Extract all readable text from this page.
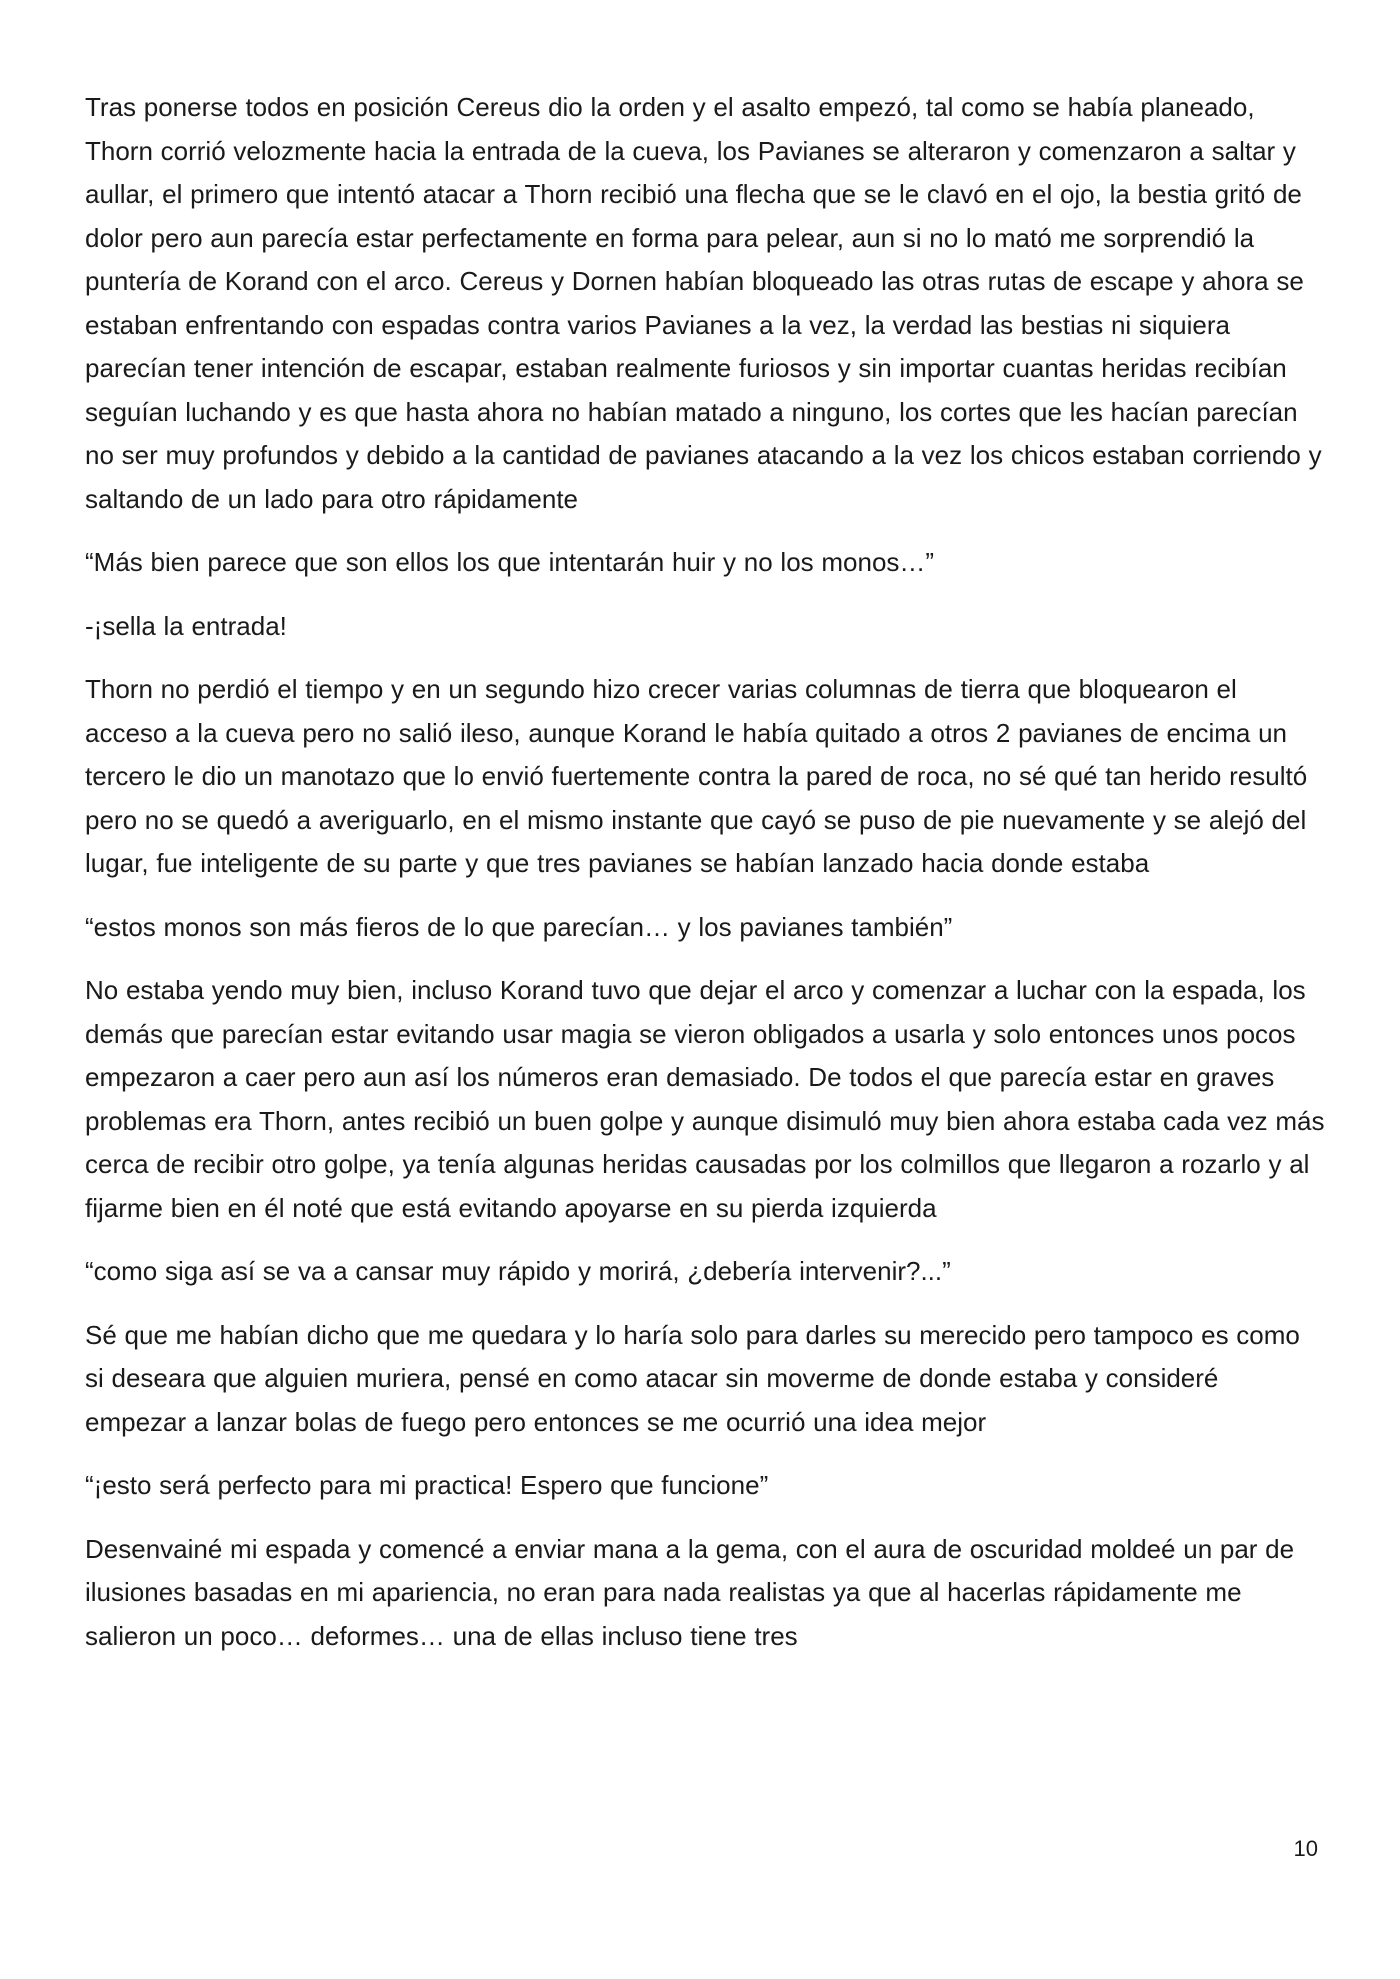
Tras ponerse todos en posición Cereus dio la orden y el asalto empezó, tal como se había planeado, Thorn corrió velozmente hacia la entrada de la cueva, los Pavianes se alteraron y comenzaron a saltar y aullar, el primero que intentó atacar a Thorn recibió una flecha que se le clavó en el ojo, la bestia gritó de dolor pero aun parecía estar perfectamente en forma para pelear, aun si no lo mató me sorprendió la puntería de Korand con el arco. Cereus y Dornen habían bloqueado las otras rutas de escape y ahora se estaban enfrentando con espadas contra varios Pavianes a la vez, la verdad las bestias ni siquiera parecían tener intención de escapar, estaban realmente furiosos y sin importar cuantas heridas recibían seguían luchando y es que hasta ahora no habían matado a ninguno, los cortes que les hacían parecían no ser muy profundos y debido a la cantidad de pavianes atacando a la vez los chicos estaban corriendo y saltando de un lado para otro rápidamente

“Más bien parece que son ellos los que intentarán huir y no los monos…”

-¡sella la entrada!

Thorn no perdió el tiempo y en un segundo hizo crecer varias columnas de tierra que bloquearon el acceso a la cueva pero no salió ileso, aunque Korand le había quitado a otros 2 pavianes de encima un tercero le dio un manotazo que lo envió fuertemente contra la pared de roca, no sé qué tan herido resultó pero no se quedó a averiguarlo, en el mismo instante que cayó se puso de pie nuevamente y se alejó del lugar, fue inteligente de su parte y que tres pavianes se habían lanzado hacia donde estaba

“estos monos son más fieros de lo que parecían… y los pavianes también”

No estaba yendo muy bien, incluso Korand tuvo que dejar el arco y comenzar a luchar con la espada, los demás que parecían estar evitando usar magia se vieron obligados a usarla y solo entonces unos pocos empezaron a caer pero aun así los números eran demasiado. De todos el que parecía estar en graves problemas era Thorn, antes recibió un buen golpe y aunque disimuló muy bien ahora estaba cada vez más cerca de recibir otro golpe, ya tenía algunas heridas causadas por los colmillos que llegaron a rozarlo y al fijarme bien en él noté que está evitando apoyarse en su pierda izquierda

“como siga así se va a cansar muy rápido y morirá, ¿debería intervenir?...”

Sé que me habían dicho que me quedara y lo haría solo para darles su merecido pero tampoco es como si deseara que alguien muriera, pensé en como atacar sin moverme de donde estaba y consideré empezar a lanzar bolas de fuego pero entonces se me ocurrió una idea mejor

“¡esto será perfecto para mi practica! Espero que funcione”

Desenvainé mi espada y comencé a enviar mana a la gema, con el aura de oscuridad moldeé un par de ilusiones basadas en mi apariencia, no eran para nada realistas ya que al hacerlas rápidamente me salieron un poco… deformes… una de ellas incluso tiene tres

10
